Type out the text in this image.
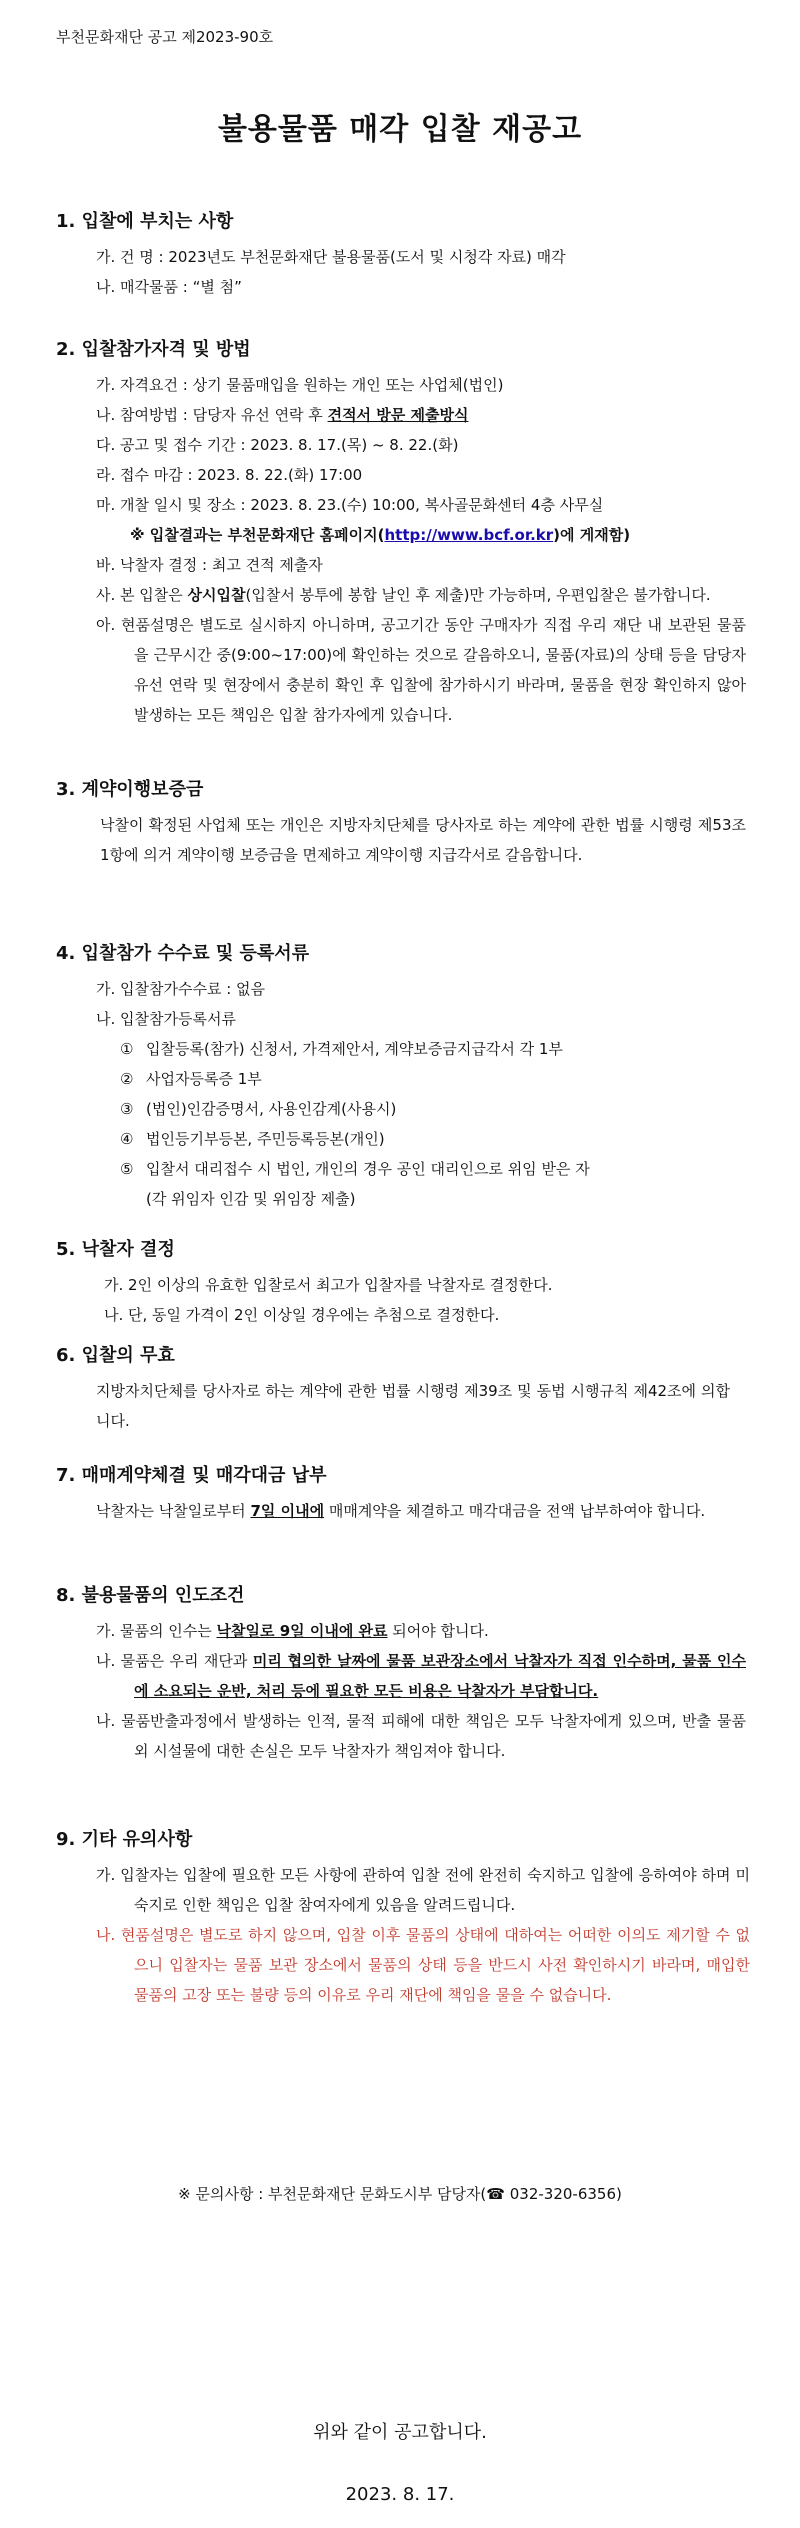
부천문화재단 공고 제2023-90호
불용물품 매각 입찰 재공고
1. 입찰에 부치는 사항
가. 건 명 : 2023년도 부천문화재단 불용물품(도서 및 시청각 자료) 매각
나. 매각물품 : “별 첨”
2. 입찰참가자격 및 방법
가. 자격요건 : 상기 물품매입을 원하는 개인 또는 사업체(법인)
나. 참여방법 : 담당자 유선 연락 후 견적서 방문 제출방식
다. 공고 및 접수 기간 : 2023. 8. 17.(목) ~ 8. 22.(화)
라. 접수 마감 : 2023. 8. 22.(화) 17:00
마. 개찰 일시 및 장소 : 2023. 8. 23.(수) 10:00, 복사골문화센터 4층 사무실
※ 입찰결과는 부천문화재단 홈페이지(http://www.bcf.or.kr)에 게재함)
바. 낙찰자 결정 : 최고 견적 제출자
사. 본 입찰은 상시입찰(입찰서 봉투에 봉합 날인 후 제출)만 가능하며, 우편입찰은 불가합니다.
아. 현품설명은 별도로 실시하지 아니하며, 공고기간 동안 구매자가 직접 우리 재단 내 보관된 물품을 근무시간 중(9:00~17:00)에 확인하는 것으로 갈음하오니, 물품(자료)의 상태 등을 담당자 유선 연락 및 현장에서 충분히 확인 후 입찰에 참가하시기 바라며, 물품을 현장 확인하지 않아 발생하는 모든 책임은 입찰 참가자에게 있습니다.
3. 계약이행보증금
낙찰이 확정된 사업체 또는 개인은 지방자치단체를 당사자로 하는 계약에 관한 법률 시행령 제53조 1항에 의거 계약이행 보증금을 면제하고 계약이행 지급각서로 갈음합니다.
4. 입찰참가 수수료 및 등록서류
가. 입찰참가수수료 : 없음
나. 입찰참가등록서류
① 입찰등록(참가) 신청서, 가격제안서, 계약보증금지급각서 각 1부
② 사업자등록증 1부
③ (법인)인감증명서, 사용인감계(사용시)
④ 법인등기부등본, 주민등록등본(개인)
⑤ 입찰서 대리접수 시 법인, 개인의 경우 공인 대리인으로 위임 받은 자
(각 위임자 인감 및 위임장 제출)
5. 낙찰자 결정
가. 2인 이상의 유효한 입찰로서 최고가 입찰자를 낙찰자로 결정한다.
나. 단, 동일 가격이 2인 이상일 경우에는 추첨으로 결정한다.
6. 입찰의 무효
지방자치단체를 당사자로 하는 계약에 관한 법률 시행령 제39조 및 동법 시행규칙 제42조에 의합니다.
7. 매매계약체결 및 매각대금 납부
낙찰자는 낙찰일로부터 7일 이내에 매매계약을 체결하고 매각대금을 전액 납부하여야 합니다.
8. 불용물품의 인도조건
가. 물품의 인수는 낙찰일로 9일 이내에 완료 되어야 합니다.
나. 물품은 우리 재단과 미리 협의한 날짜에 물품 보관장소에서 낙찰자가 직접 인수하며, 물품 인수에 소요되는 운반, 처리 등에 필요한 모든 비용은 낙찰자가 부담합니다.
나. 물품반출과정에서 발생하는 인적, 물적 피해에 대한 책임은 모두 낙찰자에게 있으며, 반출 물품외 시설물에 대한 손실은 모두 낙찰자가 책임져야 합니다.
9. 기타 유의사항
가. 입찰자는 입찰에 필요한 모든 사항에 관하여 입찰 전에 완전히 숙지하고 입찰에 응하여야 하며 미숙지로 인한 책임은 입찰 참여자에게 있음을 알려드립니다.
나. 현품설명은 별도로 하지 않으며, 입찰 이후 물품의 상태에 대하여는 어떠한 이의도 제기할 수 없으니 입찰자는 물품 보관 장소에서 물품의 상태 등을 반드시 사전 확인하시기 바라며, 매입한 물품의 고장 또는 불량 등의 이유로 우리 재단에 책임을 물을 수 없습니다.
※ 문의사항 : 부천문화재단 문화도시부 담당자(☎ 032-320-6356)
위와 같이 공고합니다.
2023. 8. 17.
